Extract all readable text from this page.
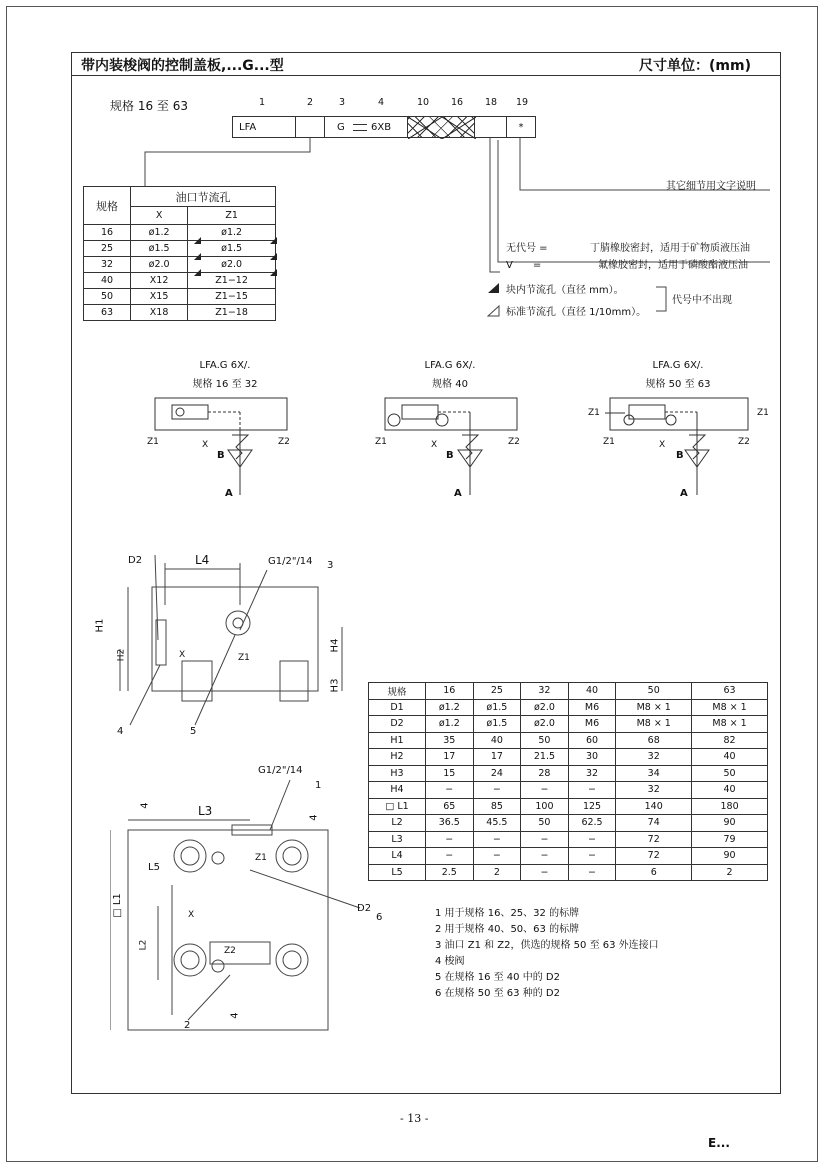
带内装梭阀的控制盖板,...G...型	尺寸单位：(mm)
规格 16 至 63	1	2	3	4	10 16 18 19
LFA	G	6XB	*
其它细节用文字说明
无代号 =	丁腈橡胶密封，适用于矿物质液压油
V　　=	氟橡胶密封，适用于磷酸酯液压油
块内节流孔（直径 mm）。
标准节流孔（直径 1/10mm）。
代号中不出现
规格	油口节流孔	
	X	Z1
16	ø1.2	ø1.2
25	ø1.5	ø1.5
32	ø2.0	ø2.0
40	X12	Z1−12
50	X15	Z1−15
63	X18	Z1−18
LFA.G 6X/.
规格 16 至 32
LFA.G 6X/.
规格 40
LFA.G 6X/.
规格 50 至 63
Z1	X	Z2
B
A
Z1	X	Z2
B
A
Z1	Z1
Z1	X	Z2
B
A
D2	L4	G1/2"/14 3
H1
H2
H4
H3
X	Z1
4	5
G1/2"/14
1
4	L3	4
L5
Z1
X
□ L1
L2
D2
6
Z2
2
4
规格	16	25	32	40	50	63
D1	ø1.2	ø1.5	ø2.0	M6	M8 × 1	M8 × 1
D2	ø1.2	ø1.5	ø2.0	M6	M8 × 1	M8 × 1
H1	35	40	50	60	68	82
H2	17	17	21.5	30	32	40
H3	15	24	28	32	34	50
H4	−	−	−	−	32	40
□ L1	65	85	100	125	140	180
L2	36.5	45.5	50	62.5	74	90
L3	−	−	−	−	72	79
L4	−	−	−	−	72	90
L5	2.5	2	−	−	6	2
1 用于规格 16、25、32 的标牌
2 用于规格 40、50、63 的标牌
3 油口 Z1 和 Z2，供选的规格 50 至 63 外连接口
4 梭阀
5 在规格 16 至 40 中的 D2
6 在规格 50 至 63 种的 D2
- 13 -
E...
